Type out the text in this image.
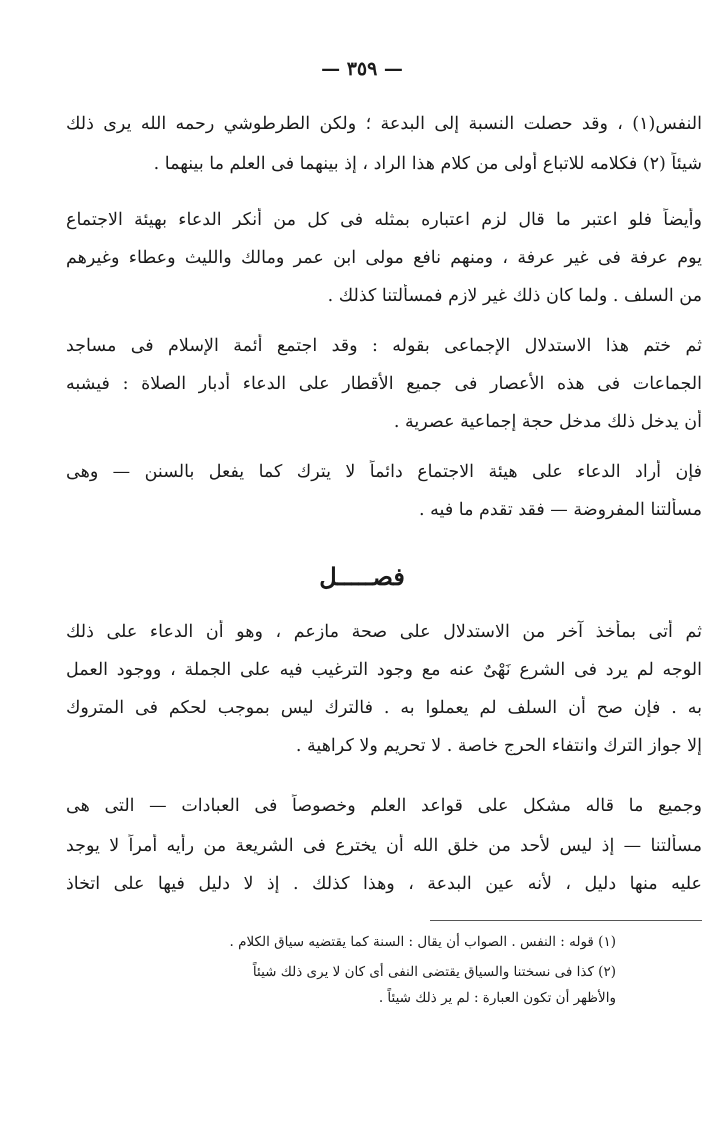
— ٣٥٩ —
النفس(١) ، وقد حصلت النسبة إلى البدعة ؛ ولكن الطرطوشي رحمه الله يرى ذلك
شيئاً (٢) فكلامه للاتباع أولى من كلام هذا الراد ، إذ بينهما فى العلم ما بينهما .
وأيضاً فلو اعتبر ما قال لزم اعتباره بمثله فى كل من أنكر الدعاء بهيئة الاجتماع
يوم عرفة فى غير عرفة ، ومنهم نافع مولى ابن عمر ومالك والليث وعطاء وغيرهم
من السلف . ولما كان ذلك غير لازم فمسألتنا كذلك .
ثم ختم هذا الاستدلال الإجماعى بقوله : وقد اجتمع أئمة الإسلام فى مساجد
الجماعات فى هذه الأعصار فى جميع الأقطار على الدعاء أدبار الصلاة : فيشبه
أن يدخل ذلك مدخل حجة إجماعية عصرية .
فإن أراد الدعاء على هيئة الاجتماع دائماً لا يترك كما يفعل بالسنن — وهى
مسألتنا المفروضة — فقد تقدم ما فيه .
فصـــــل
ثم أتى بمأخذ آخر من الاستدلال على صحة مازعم ، وهو أن الدعاء على ذلك
الوجه لم يرد فى الشرع نَهْىٌ عنه مع وجود الترغيب فيه على الجملة ، ووجود العمل
به . فإن صح أن السلف لم يعملوا به . فالترك ليس بموجب لحكم فى المتروك
إلا جواز الترك وانتفاء الحرج خاصة . لا تحريم ولا كراهية .
وجميع ما قاله مشكل على قواعد العلم وخصوصاً فى العبادات — التى هى
مسألتنا — إذ ليس لأحد من خلق الله أن يخترع فى الشريعة من رأيه أمراً لا يوجد
عليه منها دليل ، لأنه عين البدعة ، وهذا كذلك . إذ لا دليل فيها على اتخاذ
(١) قوله : النفس . الصواب أن يقال : السنة كما يقتضيه سياق الكلام .
(٢) كذا فى نسختنا والسياق يقتضى النفى أى كان لا يرى ذلك شيئاً
والأظهر أن تكون العبارة : لم ير ذلك شيئاً .
